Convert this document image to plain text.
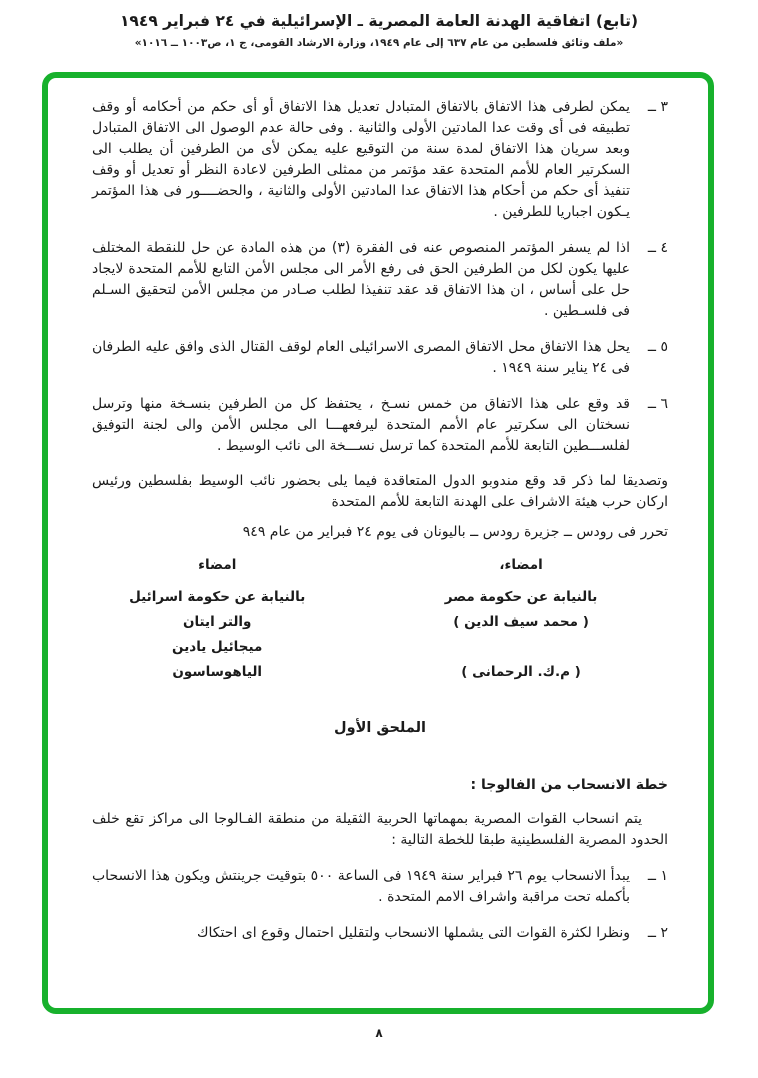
(تابع) اتفاقية الهدنة العامة المصرية ـ الإسرائيلية في ٢٤ فبراير ١٩٤٩
«ملف وثائق فلسطين من عام ٦٣٧ إلى عام ١٩٤٩، وزارة الارشاد القومى، ج ١، ص١٠٠٣ ــ ١٠١٦»
٣ ــ
يمكن لطرفى هذا الاتفاق بالاتفاق المتبادل تعديل هذا الاتفاق أو أى حكم من أحكامه أو وقف تطبيقه فى أى وقت عدا المادتين الأولى والثانية . وفى حالة عدم الوصول الى الاتفاق المتبادل وبعد سريان هذا الاتفاق لمدة سنة من التوقيع عليه يمكن لأى من الطرفين أن يطلب الى السكرتير العام للأمم المتحدة عقد مؤتمر من ممثلى الطرفين لاعادة النظر أو تعديل أو وقف تنفيذ أى حكم من أحكام هذا الاتفاق عدا المادتين الأولى والثانية ، والحضــــور فى هذا المؤتمر يـكون اجباريا للطرفين .
٤ ــ
اذا لم يسفر المؤتمر المنصوص عنه فى الفقرة (٣) من هذه المادة عن حل للنقطة المختلف عليها يكون لكل من الطرفين الحق فى رفع الأمر الى مجلس الأمن التابع للأمم المتحدة لايجاد حل على أساس ، ان هذا الاتفاق قد عقد تنفيذا لطلب صـادر من مجلس الأمن لتحقيق السـلم فى فلسـطين .
٥ ــ
يحل هذا الاتفاق محل الاتفاق المصرى الاسرائيلى العام لوقف القتال الذى وافق عليه الطرفان فى ٢٤ يناير سنة ١٩٤٩ .
٦ ــ
قد وقع على هذا الاتفاق من خمس نسـخ ، يحتفظ كل من الطرفين بنسـخة منها وترسل نسختان الى سكرتير عام الأمم المتحدة ليرفعهـــا الى مجلس الأمن والى لجنة التوفيق لفلســـطين التابعة للأمم المتحدة كما ترسل نســـخة الى نائب الوسيط .
وتصديقا لما ذكر قد وقع مندوبو الدول المتعاقدة فيما يلى بحضور نائب الوسيط بفلسطين ورئيس اركان حرب هيئة الاشراف على الهدنة التابعة للأمم المتحدة
تحرر فى رودس ــ جزيرة رودس ــ باليونان فى يوم ٢٤ فبراير من عام ٩٤٩
امضاء،
بالنيابة عن حكومة مصر
( محمد سيف الدين )
( م.ك. الرحمانى )
امضاء
بالنيابة عن حكومة اسرائيل
والتر ايتان
ميجائيل يادين
الياهوساسون
الملحق الأول
خطة الانسحاب من الفالوجا :
يتم انسحاب القوات المصرية بمهماتها الحربية الثقيلة من منطقة الفـالوجا الى مراكز تقع خلف الحدود المصرية الفلسطينية طبقا للخطة التالية :
١ ــ
يبدأ الانسحاب يوم ٢٦ فبراير سنة ١٩٤٩ فى الساعة ٥٠٠ بتوقيت جرينتش ويكون هذا الانسحاب بأكمله تحت مراقبة واشراف الامم المتحدة .
٢ ــ
ونظرا لكثرة القوات التى يشملها الانسحاب ولتقليل احتمال وقوع اى احتكاك
٨
